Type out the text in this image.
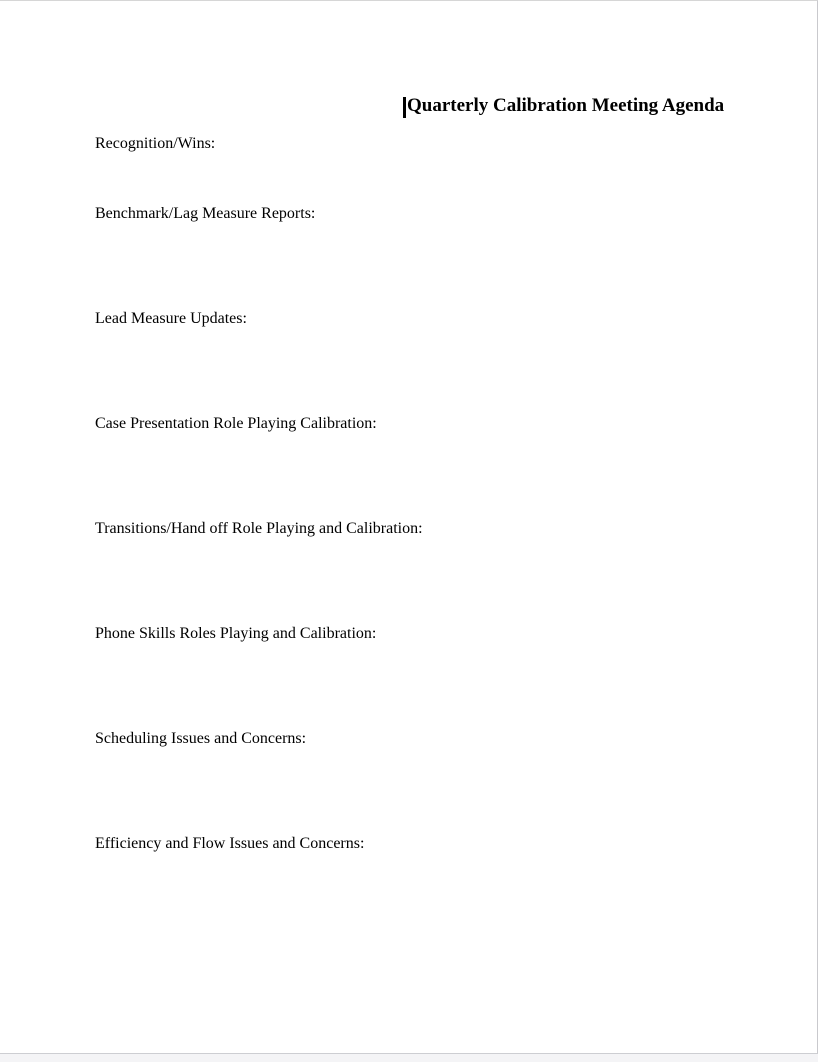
Quarterly Calibration Meeting Agenda
Recognition/Wins:
Benchmark/Lag Measure Reports:
Lead Measure Updates:
Case Presentation Role Playing Calibration:
Transitions/Hand off Role Playing and Calibration:
Phone Skills Roles Playing and Calibration:
Scheduling Issues and Concerns:
Efficiency and Flow Issues and Concerns:
